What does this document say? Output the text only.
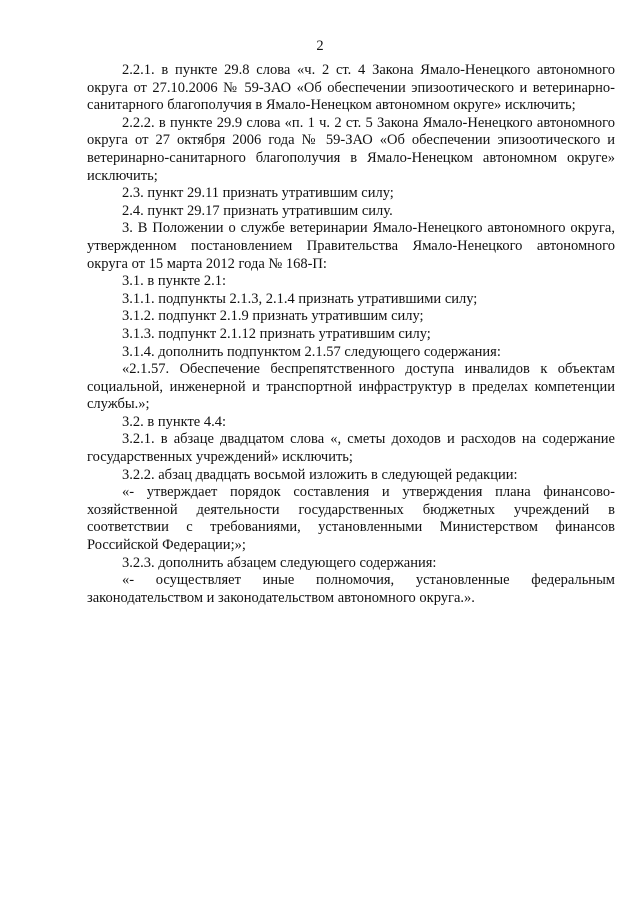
2

2.2.1. в пункте 29.8 слова «ч. 2 ст. 4 Закона Ямало-Ненецкого автономного округа от 27.10.2006 № 59-ЗАО «Об обеспечении эпизоотического и ветеринарно-санитарного благополучия в Ямало-Ненецком автономном округе» исключить;

2.2.2. в пункте 29.9 слова «п. 1 ч. 2 ст. 5 Закона Ямало-Ненецкого автономного округа от 27 октября 2006 года № 59-ЗАО «Об обеспечении эпизоотического и ветеринарно-санитарного благополучия в Ямало-Ненецком автономном округе» исключить;

2.3. пункт 29.11 признать утратившим силу;

2.4. пункт 29.17 признать утратившим силу.

3. В Положении о службе ветеринарии Ямало-Ненецкого автономного округа, утвержденном постановлением Правительства Ямало-Ненецкого автономного округа от 15 марта 2012 года № 168-П:

3.1. в пункте 2.1:

3.1.1. подпункты 2.1.3, 2.1.4 признать утратившими силу;

3.1.2. подпункт 2.1.9 признать утратившим силу;

3.1.3. подпункт 2.1.12 признать утратившим силу;

3.1.4. дополнить подпунктом 2.1.57 следующего содержания:

«2.1.57. Обеспечение беспрепятственного доступа инвалидов к объектам социальной, инженерной и транспортной инфраструктур в пределах компетенции службы.»;

3.2. в пункте 4.4:

3.2.1. в абзаце двадцатом слова «, сметы доходов и расходов на содержание государственных учреждений» исключить;

3.2.2. абзац двадцать восьмой изложить в следующей редакции:

«- утверждает порядок составления и утверждения плана финансово-хозяйственной деятельности государственных бюджетных учреждений в соответствии с требованиями, установленными Министерством финансов Российской Федерации;»;

3.2.3. дополнить абзацем следующего содержания:

«- осуществляет иные полномочия, установленные федеральным законодательством и законодательством автономного округа.».
